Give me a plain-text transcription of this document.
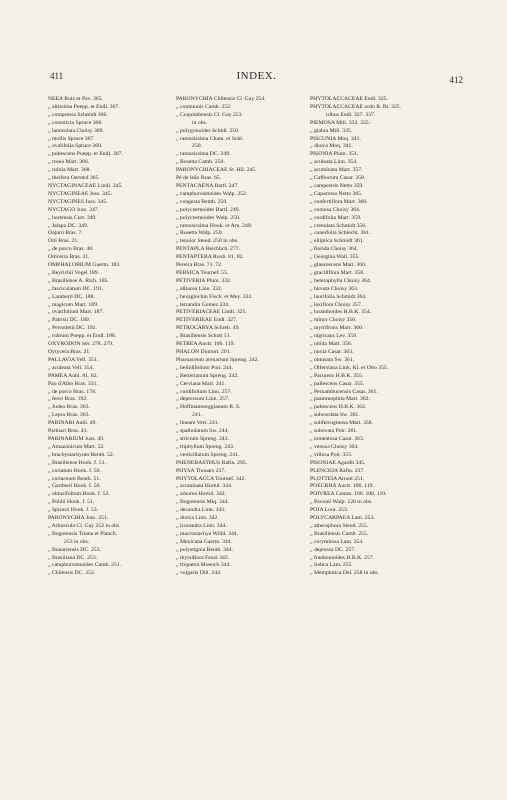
411	INDEX.	412
NEEA Ruiz et Pav. 365.
„ altissima Poepp. et Endl. 367.
„ compressa Schmidt 366.
„ constricta Spruce 368.
„ lanceolata Choisy 369.
„ mollis Spruce 367.
„ ovalifolia Spruce 368.
„ pubescens Poepp. et Endl. 367.
„ rosea Mart. 366.
„ rufula Mart. 368.
„ theifera Oersted 365.
NYCTAGINACEAE Lindl. 345.
NYCTAGINEAE Juss. 345.
NYCTAGINES Juss. 345.
NYCTAGO Juss. 347.
„ hortensis Curt. 349.
„ Jalapa DC. 349.
Oajurú Bras. 7.
Oiti Bras. 21.
„ de porco Bras. 48.
Oiticeira Bras. 21.
OMPHALOBIUM Gaertn. 183.
„ Beyrichii Vogel 189.
„ Brasiliense A. Rich. 185.
„ fasciculatum DC. 191.
„ Lamberti DC. 188.
„ magicum Mart. 189.
„ ovatifolium Mart. 187.
„ Patrisii DC. 189.
„ Perrottetii DC. 192.
„ rubrum Poepp. et Endl. 188.
OXYRODON Sér. 278. 279.
Oytycera Bras. 21.
PALLAVIA Vell. 351.
„ aculeata Vell. 354.
PAMEA Aubl. 81. 82.
Páo d'Alho Bras. 331.
„ de porco Bras. 178.
„ ferro Bras. 192.
„ Judeo Bras. 363.
„ Lepra Bras. 363.
PARINARI Aubl. 49.
Parinari Bras. 43.
PARINARIUM Juss. 49.
„ Amazonicum Mart. 52.
„ brachystachyum Benth. 52.
„ Brasiliense Hook. f. 51.
„ coriatum Hook. f. 50.
„ coriaceum Benth. 51.
„ Gardneri Hook. f. 50.
„ obtusifolium Hook. f. 52.
„ Pohlii Hook. f. 51.
„ Sprucei Hook. f. 53.
PARONYCHIA Juss. 251.
„ Arbuscula Cl. Gay 252 in obs.
„ Bogotensis Triana et Planch.
253 in obs.
„ Bonariensis DC. 253.
„ Brasiliana DC. 253.
„ camphorosmoides Camb. 251.
„ Chilensis DC. 252.
PARONYCHIA Chilensis Cl. Gay 254.
„ communis Camb. 252.
„ Coquimbensis Cl. Gay 253
in obs.
„ polygonoides Schldl. 250.
„ ramosissima Cham. et Schl.
250.
„ ramosissima DC. 249.
„ Rosetta Camb. 250.
PARONYCHIACEAE St. Hil. 245.
Pé de leão Bras. 65.
PENTACAENA Bartl. 247.
„ camphorosmoides Walp. 252.
„ congesta Benth. 250.
„ polycnemoides Bartl. 249.
„ polycnemoides Walp. 250.
„ ramosissima Hook. et Arn. 249.
„ Rosetta Walp. 250.
„ tenuior Steud. 250 in obs.
PENTAPLA Reichbch. 277.
PENTAPTERA Roxb. 81. 82.
Pereira Bras. 71. 72.
PERSICA Tournef. 55.
PETIVERIA Plum. 332.
„ alliacea Linn. 332.
„ hexaglochin Fisch. et Mey. 333.
„ tetrandra Gomez 334.
PETIVERIACEAE Lindl. 325.
PETIVERIEAE Endl. 327.
PETROCARYA Schreb. 49.
„ Brasiliensis Schott 51.
PETREA Auctt. 106. 119.
PHALON Dumort. 261.
Pharnaceum arenarium Spreng. 242.
„ bellidifolium Poir. 244.
„ Berterianum Spreng. 242.
„ Cerviana Mart. 241.
„ cordifolium Linn. 257.
„ depressum Linn. 257.
„ Hoffmannseggianum R. S.
241.
„ lineare Vert. 241.
„ spathulatum Sw. 244.
„ strictum Spreng. 243.
„ triphyllum Spreng. 243.
„ verticillatum Spreng. 241.
PHENEBASTHUS Rafin. 295.
PHYSA Thouars 237.
PHYTOLACCA Tournef. 342.
„ acuminata Hortul. 344.
„ arborea Hortul. 342.
„ Bogotensis Miq. 344.
„ decandra Linn. 343.
„ dioica Linn. 342.
„ icosandra Linn. 344.
„ macrostachya Willd. 344.
„ Mexicana Gaertn. 344.
„ polystigma Benth. 344.
„ thyrsiflora Fenzl 343.
„ triquetra Moench 344.
„ vulgaris Dill. 344.
PHYTOLACCACEAE Endl. 325.
PHYTOLACCACEAE ordo R. Br. 325.
tribus Endl. 327. 337.
PIEMOSA Mill. 333. 335.
„ glabra Mill. 335.
PISCUNIA Moq. 341.
„ dioica Moq. 341.
PISONIA Plum. 351.
„ aculeata Linn. 354.
„ acuminata Mart. 357.
„ Caffeorum Casar. 358.
„ campestris Netto 359.
„ Caparrosa Netto 365.
„ confertiflora Mart. 360.
„ comosa Choisy 364.
„ cordifolia Mart. 359.
„ crenulata Schmidt 356.
„ cuneifolia Schlecht. 361.
„ elliptica Schmidt 361.
„ florida Choisy 364.
„ Georgina Wall. 355.
„ glaucescens Mart. 360.
„ graciliflora Mart. 358.
„ heterophylla Choisy 364.
„ hirsuta Choisy 363.
„ laurifolia Schmidt 364.
„ laxiflora Choisy 357.
„ loranthoides H.B.K. 354.
„ minor Choisy 356.
„ myrtifrons Mart. 360.
„ nigricans Lev. 359.
„ nitida Mart. 356.
„ noxia Casar. 363.
„ obtusata Sw. 361.
„ Olfersiana Link, Kl. et Otto 355.
„ Pacurero H.B.K. 355.
„ pallescens Casar. 355.
„ Pernambucensis Casar. 361.
„ psammophila Mart. 362.
„ pubescens H.B.K. 362.
„ subcordata Sw. 361.
„ subferruginosa Mart. 358.
„ subovata Poir. 361.
„ tomentosa Casar. 363.
„ venosa Choisy 364.
„ villosa Poir. 355.
PISONIAE Agardh 345.
PLENCKIA Rafin. 237.
PLOTTEIA Arnott 251.
POECRHA Auctt. 106. 119.
POIVREA Comm. 106. 108. 119.
„ Pavonii Walp. 120 in obs.
POJA Lour. 253.
POLYCARPAEA Lam. 253.
„ atherophora Steud. 255.
„ Brasiliensis Camb. 255.
„ corymbosa Lam. 254.
„ depressa DC. 257.
„ frankenioides H.B.K. 257.
„ Indica Lam. 255.
„ Memphitica Del. 258 in obs.
